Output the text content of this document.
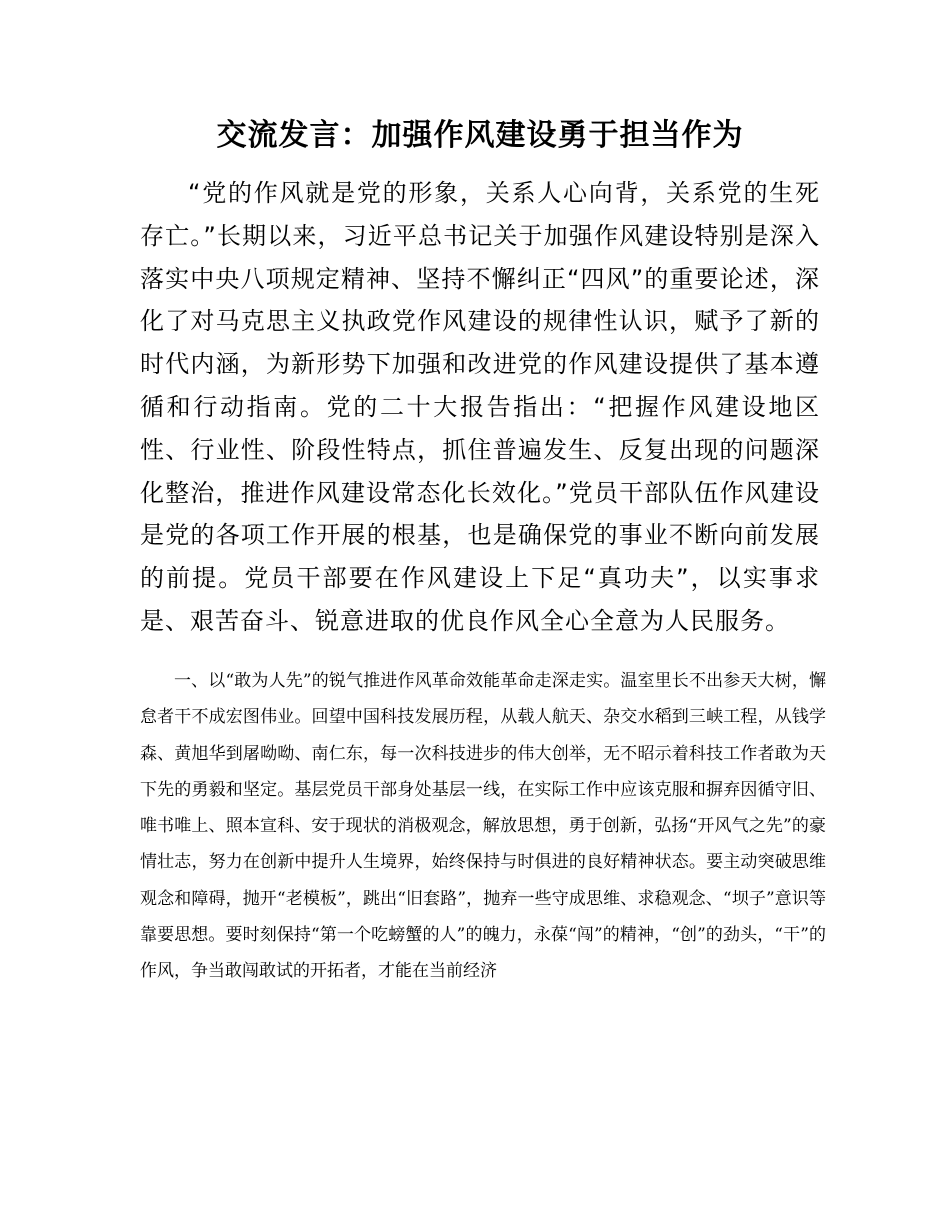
交流发言：加强作风建设勇于担当作为

“党的作风就是党的形象，关系人心向背，关系党的生死存亡。”长期以来，习近平总书记关于加强作风建设特别是深入落实中央八项规定精神、坚持不懈纠正“四风”的重要论述，深化了对马克思主义执政党作风建设的规律性认识，赋予了新的时代内涵，为新形势下加强和改进党的作风建设提供了基本遵循和行动指南。党的二十大报告指出：“把握作风建设地区性、行业性、阶段性特点，抓住普遍发生、反复出现的问题深化整治，推进作风建设常态化长效化。”党员干部队伍作风建设是党的各项工作开展的根基，也是确保党的事业不断向前发展的前提。党员干部要在作风建设上下足“真功夫”，以实事求是、艰苦奋斗、锐意进取的优良作风全心全意为人民服务。

一、以“敢为人先”的锐气推进作风革命效能革命走深走实。温室里长不出参天大树，懈怠者干不成宏图伟业。回望中国科技发展历程，从载人航天、杂交水稻到三峡工程，从钱学森、黄旭华到屠呦呦、南仁东，每一次科技进步的伟大创举，无不昭示着科技工作者敢为天下先的勇毅和坚定。基层党员干部身处基层一线，在实际工作中应该克服和摒弃因循守旧、唯书唯上、照本宣科、安于现状的消极观念，解放思想，勇于创新，弘扬“开风气之先”的豪情壮志，努力在创新中提升人生境界，始终保持与时俱进的良好精神状态。要主动突破思维观念和障碍，抛开“老模板”，跳出“旧套路”，抛弃一些守成思维、求稳观念、“坝子”意识等靠要思想。要时刻保持“第一个吃螃蟹的人”的魄力，永葆“闯”的精神，“创”的劲头，“干”的作风，争当敢闯敢试的开拓者，才能在当前经济
